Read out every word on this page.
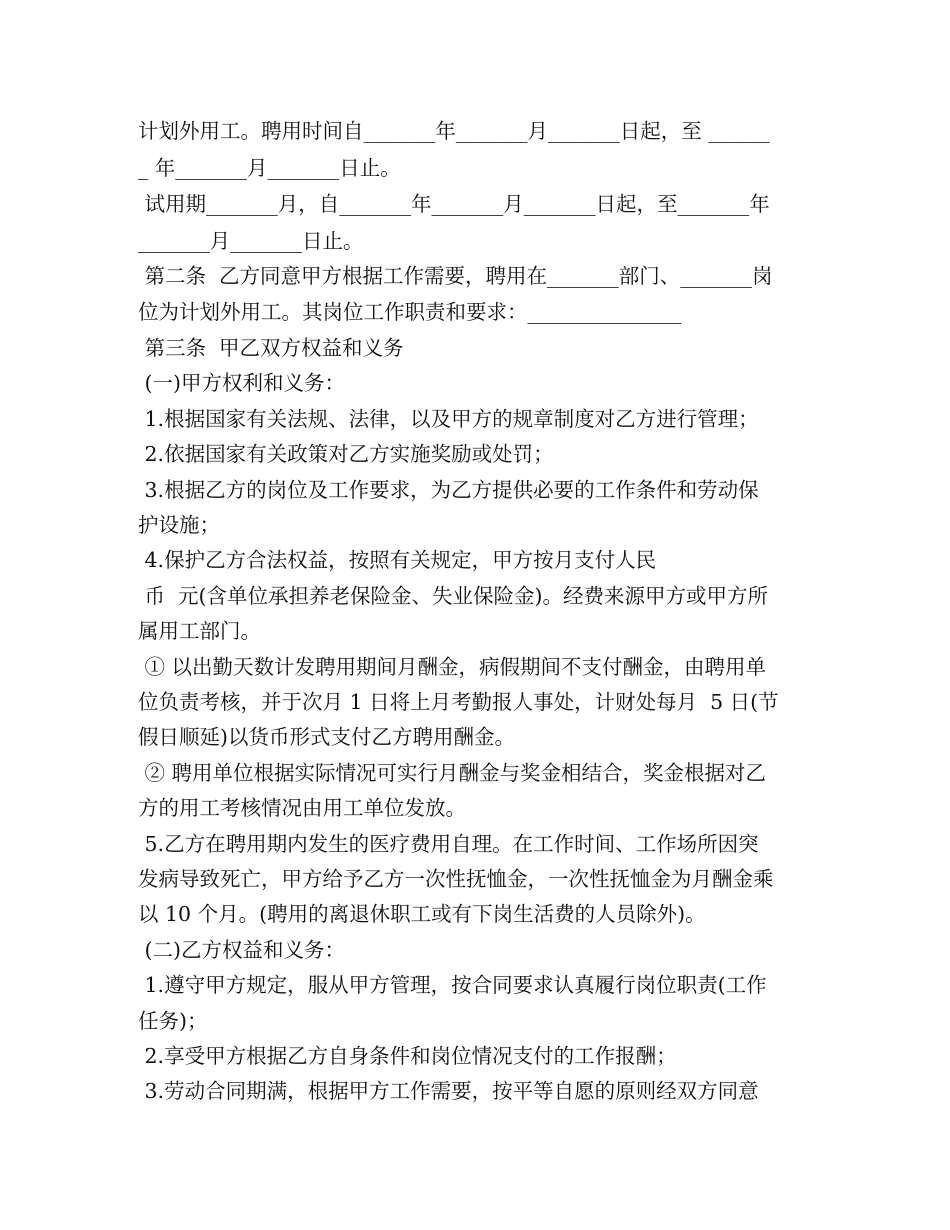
计划外用工。聘用时间自_______年_______月_______日起，至 ______
_ 年_______月_______日止。
试用期_______月，自_______年_______月_______日起，至_______年
_______月_______日止。
第二条  乙方同意甲方根据工作需要，聘用在_______部门、_______岗
位为计划外用工。其岗位工作职责和要求：_______________
第三条  甲乙双方权益和义务
(一)甲方权利和义务：
1.根据国家有关法规、法律，以及甲方的规章制度对乙方进行管理；
2.依据国家有关政策对乙方实施奖励或处罚；
3.根据乙方的岗位及工作要求，为乙方提供必要的工作条件和劳动保
护设施；
4.保护乙方合法权益，按照有关规定，甲方按月支付人民
币  元(含单位承担养老保险金、失业保险金)。经费来源甲方或甲方所
属用工部门。
① 以出勤天数计发聘用期间月酬金，病假期间不支付酬金，由聘用单
位负责考核，并于次月 1 日将上月考勤报人事处，计财处每月  5 日(节
假日顺延)以货币形式支付乙方聘用酬金。
② 聘用单位根据实际情况可实行月酬金与奖金相结合，奖金根据对乙
方的用工考核情况由用工单位发放。
5.乙方在聘用期内发生的医疗费用自理。在工作时间、工作场所因突
发病导致死亡，甲方给予乙方一次性抚恤金，一次性抚恤金为月酬金乘
以 10 个月。(聘用的离退休职工或有下岗生活费的人员除外)。
(二)乙方权益和义务：
1.遵守甲方规定，服从甲方管理，按合同要求认真履行岗位职责(工作
任务)；
2.享受甲方根据乙方自身条件和岗位情况支付的工作报酬；
3.劳动合同期满，根据甲方工作需要，按平等自愿的原则经双方同意
